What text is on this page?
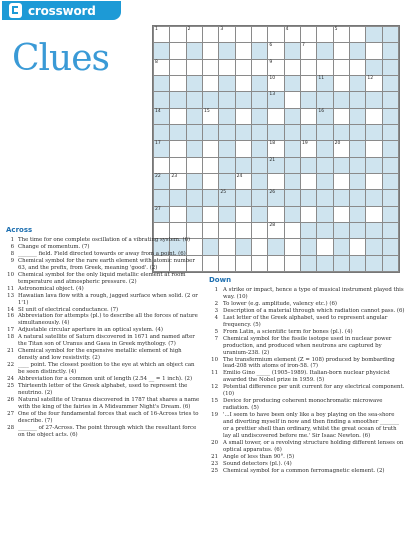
crossword
Clues
1	2	3	4	5
6	7
8	9
10	11	12
13
14	15	16
17	18	19	20
21
22 23	24
25	26
27
28
Across
1 The time for one complete oscillation of a vibrating system. (6)
6 Change of momentum. (7)
8 _______ field. Field directed towards or away from a point. (6)
9 Chemical symbol for the rare earth element with atomic number 63, and the prefix, from Greek, meaning 'good'. (2)
10 Chemical symbol for the only liquid metallic element at room temperature and atmospheric pressure. (2)
11 Astronomical object. (4)
13 Hawaiian lava flow with a rough, jagged surface when solid. (2 or 1'1)
14 SI unit of electrical conductance. (7)
16 Abbreviation for attempts (pl.) to describe all the forces of nature simultaneously. (4)
17 Adjustable circular aperture in an optical system. (4)
18 A natural satellite of Saturn discovered in 1671 and named after the Titan son of Uranus and Gaea in Greek mythology. (7)
21 Chemical symbol for the expensive metallic element of high density and low resistivity. (2)
22 ____ point. The closest position to the eye at which an object can be seen distinctly. (4)
24 Abbreviation for a common unit of length (2.54 __ = 1 inch). (2)
25 Thirteenth letter of the Greek alphabet, used to represent the neutrino. (2)
26 Natural satellite of Uranus discovered in 1787 that shares a name with the king of the fairies in A Midsummer Night's Dream. (6)
27 One of the four fundamental forces that each of 16-Across tries to describe. (7)
28 _______ of 27-Across. The point through which the resultant force on the object acts. (6)
Down
1 A strike or impact, hence a type of musical instrument played this way. (10)
2 To lower (e.g. amplitude, valency etc.) (6)
3 Description of a material through which radiation cannot pass. (6)
4 Last letter of the Greek alphabet, used to represent angular frequency. (5)
5 From Latin, a scientific term for bones (pl.). (4)
7 Chemical symbol for the fissile isotope used in nuclear power production, and produced when neutrons are captured by uranium-238. (2)
10 The transfermium element (Z = 108) produced by bombarding lead-208 with atoms of iron-58. (7)
11 Emilio Gino _____ (1905–1989). Italian-born nuclear physicist awarded the Nobel prize in 1959. (5)
12 Potential difference per unit current for any electrical component. (10)
15 Device for producing coherent monochromatic microwave radiation. (5)
19 '...I seem to have been only like a boy playing on the sea-shore and diverting myself in now and then finding a smoother _______ or a prettier shell than ordinary, whilst the great ocean of truth lay all undiscovered before me.' Sir Isaac Newton. (6)
20 A small tower, or a revolving structure holding different lenses on optical apparatus. (6)
21 Angle of less than 90°. (5)
23 Sound detectors (pl.). (4)
25 Chemical symbol for a common ferromagnetic element. (2)
